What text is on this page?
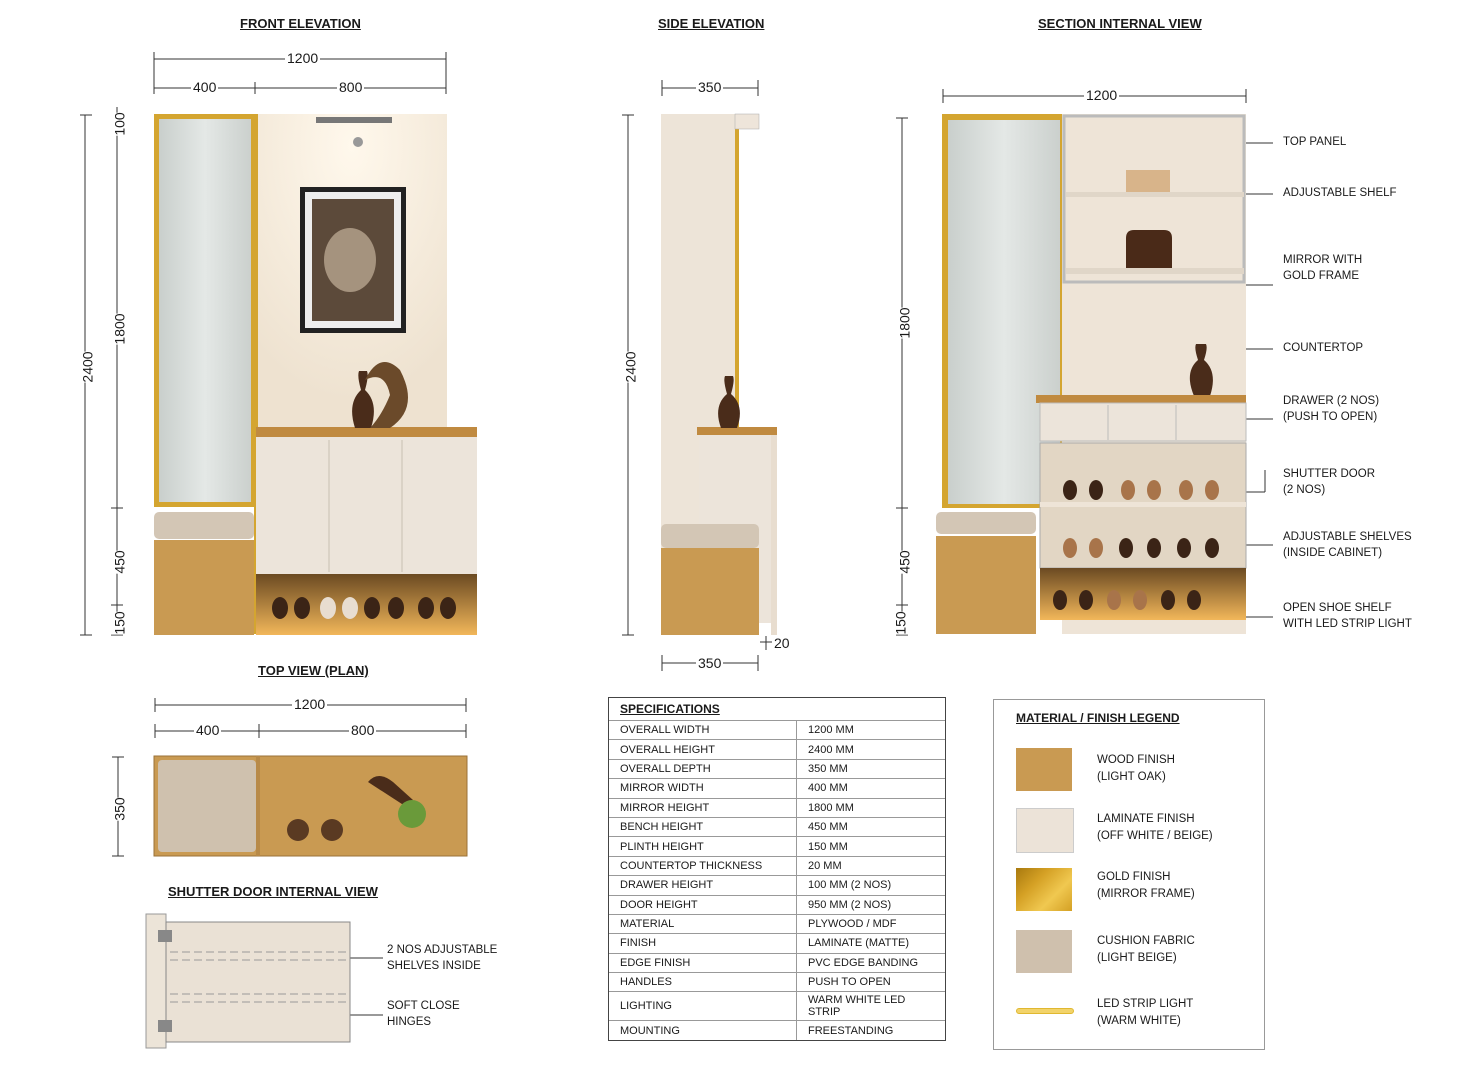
FRONT ELEVATION	SIDE ELEVATION	SECTION INTERNAL VIEW
TOP VIEW (PLAN)
SHUTTER DOOR INTERNAL VIEW
1200
400	800
2400
100
1800
450
150
350
2400
350
20
1200
1800
450
150
1200
400	800
350
TOP PANEL
ADJUSTABLE SHELF
MIRROR WITH
GOLD FRAME
COUNTERTOP
DRAWER (2 NOS)
(PUSH TO OPEN)
SHUTTER DOOR
(2 NOS)
ADJUSTABLE SHELVES
(INSIDE CABINET)
OPEN SHOE SHELF
WITH LED STRIP LIGHT
2 NOS ADJUSTABLE
SHELVES INSIDE
SOFT CLOSE
HINGES
SPECIFICATIONS
OVERALL WIDTH	1200 MM
OVERALL HEIGHT	2400 MM
OVERALL DEPTH	350 MM
MIRROR WIDTH	400 MM
MIRROR HEIGHT	1800 MM
BENCH HEIGHT	450 MM
PLINTH HEIGHT	150 MM
COUNTERTOP THICKNESS	20 MM
DRAWER HEIGHT	100 MM (2 NOS)
DOOR HEIGHT	950 MM (2 NOS)
MATERIAL	PLYWOOD / MDF
FINISH	LAMINATE (MATTE)
EDGE FINISH	PVC EDGE BANDING
HANDLES	PUSH TO OPEN
LIGHTING	WARM WHITE LED STRIP
MOUNTING	FREESTANDING
MATERIAL / FINISH LEGEND
WOOD FINISH
(LIGHT OAK)
LAMINATE FINISH
(OFF WHITE / BEIGE)
GOLD FINISH
(MIRROR FRAME)
CUSHION FABRIC
(LIGHT BEIGE)
LED STRIP LIGHT
(WARM WHITE)
